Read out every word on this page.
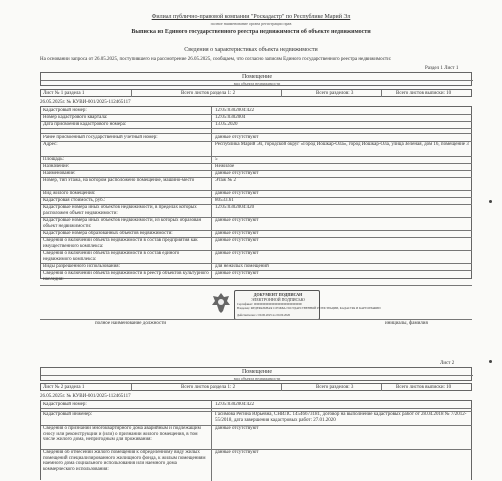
Филиал публично-правовой компании "Роскадастр" по Республике Марий Эл
полное наименование органа регистрации прав
Выписка из Единого государственного реестра недвижимости об объекте недвижимости
Сведения о характеристиках объекта недвижимости
На основании запроса от 26.05.2025, поступившего на рассмотрение 26.05.2025, сообщаем, что согласно записям Единого государственного реестра недвижимости:
Раздел 1 Лист 1
Помещение
вид объекта недвижимости
Лист № 1 раздела 1	Всего листов раздела 1: 2	Всего разделов: 3	Всего листов выписки: 10
26.05.2025г. № КУВИ-001/2025-112465117
Кадастровый номер:	12:05:0302004:422
Номер кадастрового квартала:	12:05:0302004
Дата присвоения кадастрового номера:	13.05.2020
Ранее присвоенный государственный учетный номер:	данные отсутствуют
Адрес:	Республика Марий Эл, городской округ «Город Йошкар-Ола», город Йошкар-Ола, улица Зеленая, дом 16, помещение 3
Площадь:	5
Назначение:	Нежилое
Наименование:	данные отсутствуют
Номер, тип этажа, на котором расположено помещение, машино-место	Этаж № 2
Вид жилого помещения:	данные отсутствуют
Кадастровая стоимость, руб.:	80533.61
Кадастровые номера иных объектов недвижимости, в пределах которых расположен объект недвижимости:
12:05:0302004:420
Кадастровые номера иных объектов недвижимости, из которых образован объект недвижимости:
данные отсутствуют
Кадастровые номера образованных объектов недвижимости:	данные отсутствуют
Сведения о включении объекта недвижимости в состав предприятия как имущественного комплекса:
данные отсутствуют
Сведения о включении объекта недвижимости в состав единого недвижимого комплекса:
данные отсутствуют
Виды разрешенного использования:	для нежилых помещений
Сведения о включении объекта недвижимости в реестр объектов культурного наследия:
данные отсутствуют
ДОКУМЕНТ ПОДПИСАН
ЭЛЕКТРОННОЙ ПОДПИСЬЮ
Сертификат: 00000000000000000000000000000000
Владелец: ФЕДЕРАЛЬНАЯ СЛУЖБА ГОСУДАРСТВЕННОЙ РЕГИСТРАЦИИ, КАДАСТРА И КАРТОГРАФИИ
Действителен: с 00.00.2025 по 00.00.2026
полное наименование должности	инициалы, фамилия
Лист 2
Помещение
вид объекта недвижимости
Лист № 2 раздела 1	Всего листов раздела 1: 2	Всего разделов: 3	Всего листов выписки: 10
26.05.2025г. № КУВИ-001/2025-112465117
Кадастровый номер:	12:05:0302004:422
Кадастровый инженер:	Гасимова Регина Юрьевна, СНИЛС 14546673181, договор на выполнение кадастровых работ от 28.04.2018 № 7/2012-55/2018, дата завершения кадастровых работ: 27.01.2020
Сведения о признании многоквартирного дома аварийным и подлежащим сносу или реконструкции и (или) о признании жилого помещения, в том числе жилого дома, непригодным для проживания:
данные отсутствуют
Сведения об отнесении жилого помещения к определенному виду жилых помещений специализированного жилищного фонда, к жилым помещениям наемного дома социального использования или наемного дома коммерческого использования:
данные отсутствуют
